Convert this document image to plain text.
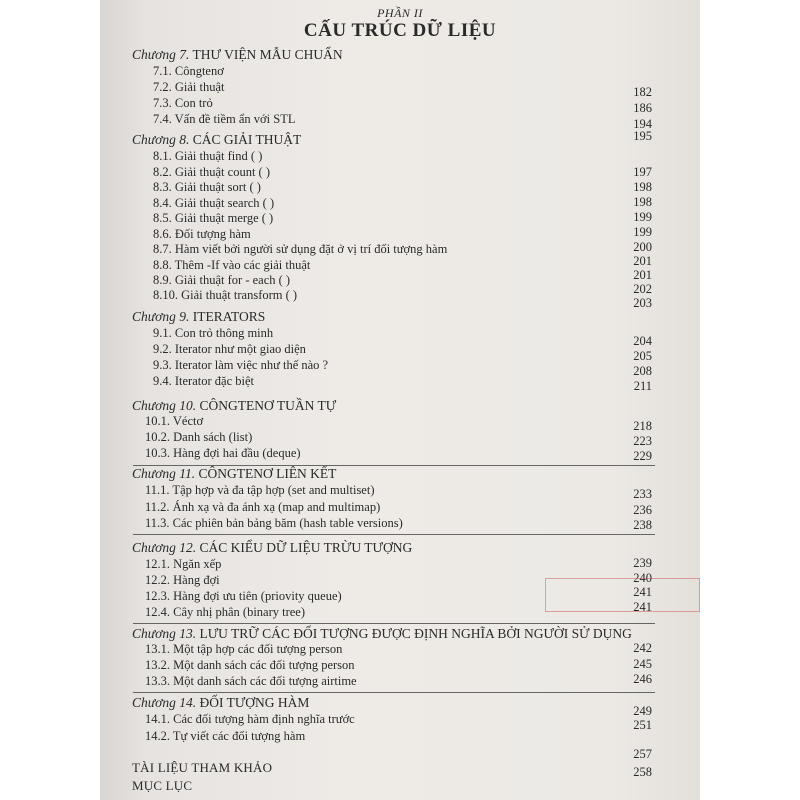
PHẦN II
CẤU TRÚC DỮ LIỆU
Chương 7. THƯ VIỆN MẪU CHUẨN
7.1. Côngtenơ
7.2. Giải thuật
7.3. Con trỏ
7.4. Vấn đề tiềm ẩn với STL
182
186
194
195
Chương 8. CÁC GIẢI THUẬT
8.1. Giải thuật find ( )
8.2. Giải thuật count ( )
8.3. Giải thuật sort ( )
8.4. Giải thuật search ( )
8.5. Giải thuật merge ( )
8.6. Đối tượng hàm
8.7. Hàm viết bởi người sử dụng đặt ở vị trí đối tượng hàm
8.8. Thêm -If vào các giải thuật
8.9. Giải thuật for - each ( )
8.10. Giải thuật transform ( )
197
198
198
199
199
200
201
201
202
203
Chương 9. ITERATORS
9.1. Con trỏ thông minh
9.2. Iterator như một giao diện
9.3. Iterator làm việc như thế nào ?
9.4. Iterator đặc biệt
204
205
208
211
Chương 10. CÔNGTENƠ TUẦN TỰ
10.1. Véctơ
10.2. Danh sách (list)
10.3. Hàng đợi hai đầu (deque)
218
223
229
Chương 11. CÔNGTENƠ LIÊN KẾT
11.1. Tập hợp và đa tập hợp (set and multiset)
11.2. Ánh xạ và đa ánh xạ (map and multimap)
11.3. Các phiên bản bảng băm (hash table versions)
233
236
238
Chương 12. CÁC KIỂU DỮ LIỆU TRỪU TƯỢNG
12.1. Ngăn xếp
12.2. Hàng đợi
12.3. Hàng đợi ưu tiên (priovity queue)
12.4. Cây nhị phân (binary tree)
239
240
241
241
Chương 13. LƯU TRỮ CÁC ĐỐI TƯỢNG ĐƯỢC ĐỊNH NGHĨA BỞI NGƯỜI SỬ DỤNG
13.1. Một tập hợp các đối tượng person
13.2. Một danh sách các đối tượng person
13.3. Một danh sách các đối tượng airtime
242
245
246
Chương 14. ĐỐI TƯỢNG HÀM
14.1. Các đối tượng hàm định nghĩa trước
14.2. Tự viết các đối tượng hàm
249
251
TÀI LIỆU THAM KHẢO
MỤC LỤC
257
258
